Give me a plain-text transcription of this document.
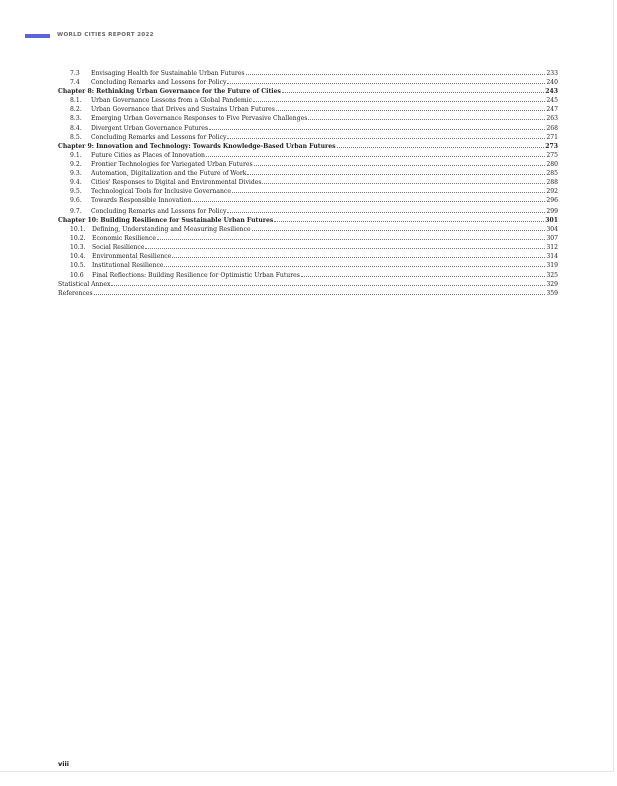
WORLD CITIES REPORT 2022
7.3	Envisaging Health for Sustainable Urban Futures	233
7.4	Concluding Remarks and Lessons for Policy	240
Chapter 8: Rethinking Urban Governance for the Future of Cities	243
8.1.	Urban Governance Lessons from a Global Pandemic	245
8.2.	Urban Governance that Drives and Sustains Urban Futures	247
8.3.	Emerging Urban Governance Responses to Five Pervasive Challenges	263
8.4.	Divergent Urban Governance Futures	268
8.5.	Concluding Remarks and Lessons for Policy	271
Chapter 9: Innovation and Technology: Towards Knowledge-Based Urban Futures	273
9.1.	Future Cities as Places of Innovation	275
9.2.	Frontier Technologies for Variegated Urban Futures	280
9.3.	Automation, Digitalization and the Future of Work	285
9.4.	Cities' Responses to Digital and Environmental Divides	288
9.5.	Technological Tools for Inclusive Governance	292
9.6.	Towards Responsible Innovation	296
9.7.	Concluding Remarks and Lessons for Policy	299
Chapter 10: Building Resilience for Sustainable Urban Futures	301
10.1.	Defining, Understanding and Measuring Resilience	304
10.2.	Economic Resilience	307
10.3.	Social Resilience	312
10.4.	Environmental Resilience	314
10.5.	Institutional Resilience	319
10.6	Final Reflections: Building Resilience for Optimistic Urban Futures	325
Statistical Annex	329
References	359
viii
